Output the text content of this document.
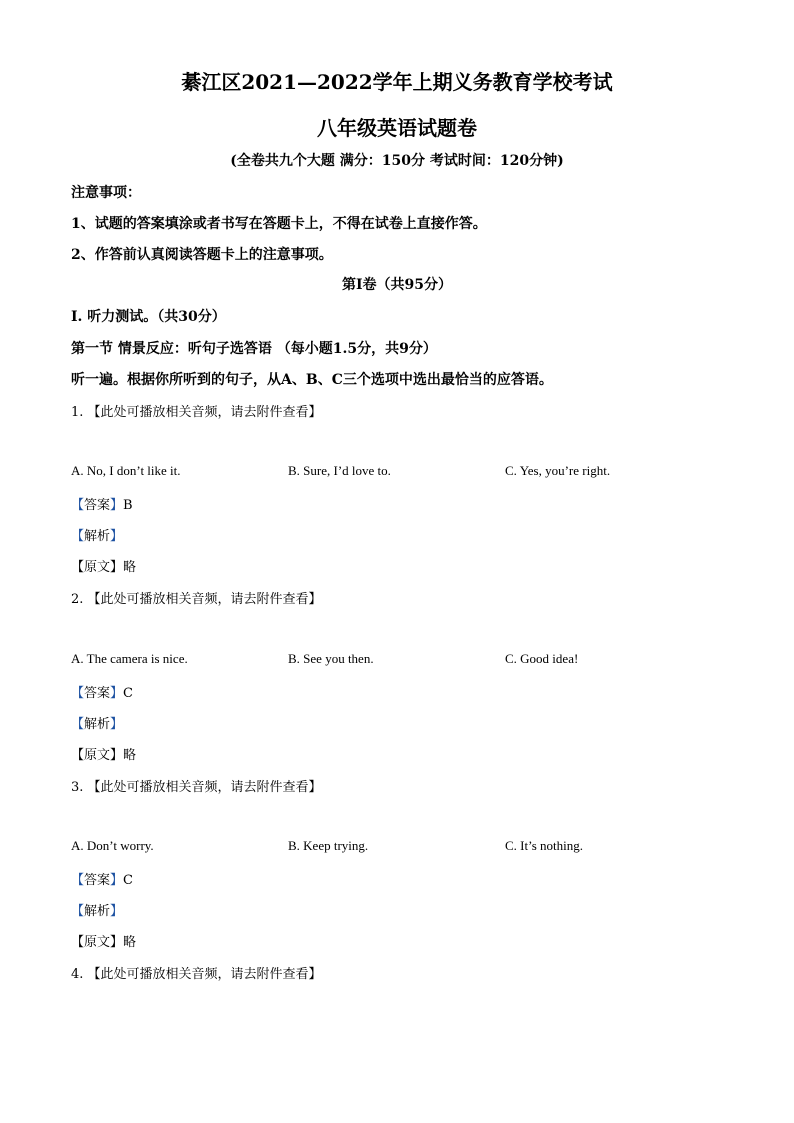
綦江区2021—2022学年上期义务教育学校考试
八年级英语试题卷
(全卷共九个大题 满分：150分 考试时间：120分钟)
注意事项：
1、试题的答案填涂或者书写在答题卡上，不得在试卷上直接作答。
2、作答前认真阅读答题卡上的注意事项。
第I卷（共95分）
I. 听力测试。（共30分）
第一节 情景反应：听句子选答语 （每小题1.5分，共9分）
听一遍。根据你所听到的句子，从A、B、C三个选项中选出最恰当的应答语。
1. 【此处可播放相关音频，请去附件查看】
A. No, I don’t like it.	B. Sure, I’d love to.	C. Yes, you’re right.
【答案】B
【解析】
【原文】略
2. 【此处可播放相关音频，请去附件查看】
A. The camera is nice.	B. See you then.	C. Good idea!
【答案】C
【解析】
【原文】略
3. 【此处可播放相关音频，请去附件查看】
A. Don’t worry.	B. Keep trying.	C. It’s nothing.
【答案】C
【解析】
【原文】略
4. 【此处可播放相关音频，请去附件查看】
